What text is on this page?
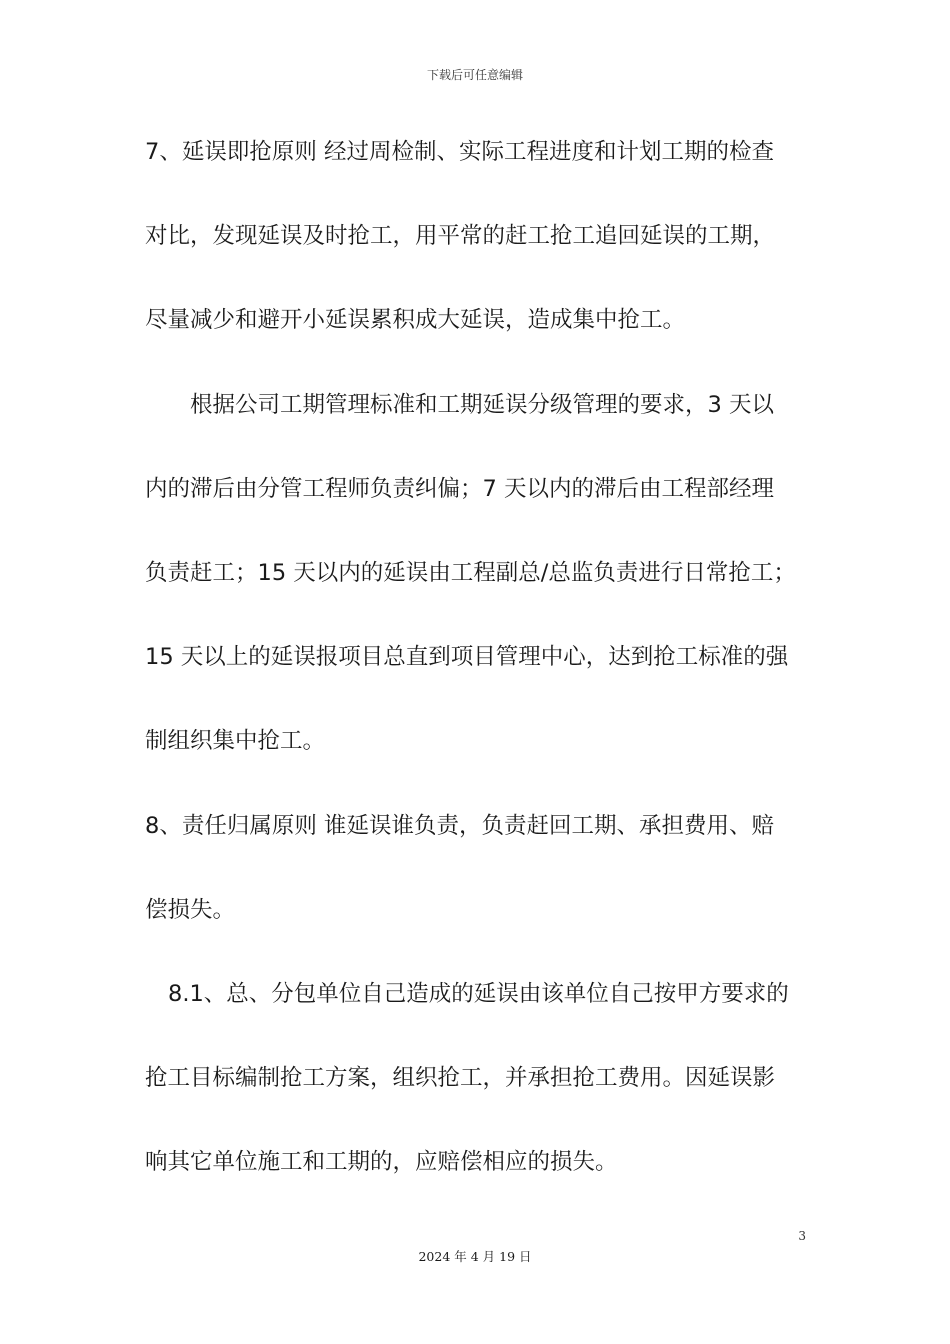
下载后可任意编辑
7、延误即抢原则 经过周检制、实际工程进度和计划工期的检查
对比，发现延误及时抢工，用平常的赶工抢工追回延误的工期，
尽量减少和避开小延误累积成大延误，造成集中抢工。
根据公司工期管理标准和工期延误分级管理的要求，3 天以
内的滞后由分管工程师负责纠偏；7 天以内的滞后由工程部经理
负责赶工；15 天以内的延误由工程副总/总监负责进行日常抢工；
15 天以上的延误报项目总直到项目管理中心，达到抢工标准的强
制组织集中抢工。
8、责任归属原则 谁延误谁负责，负责赶回工期、承担费用、赔
偿损失。
8.1、总、分包单位自己造成的延误由该单位自己按甲方要求的
抢工目标编制抢工方案，组织抢工，并承担抢工费用。因延误影
响其它单位施工和工期的，应赔偿相应的损失。
3
2024 年 4 月 19 日
